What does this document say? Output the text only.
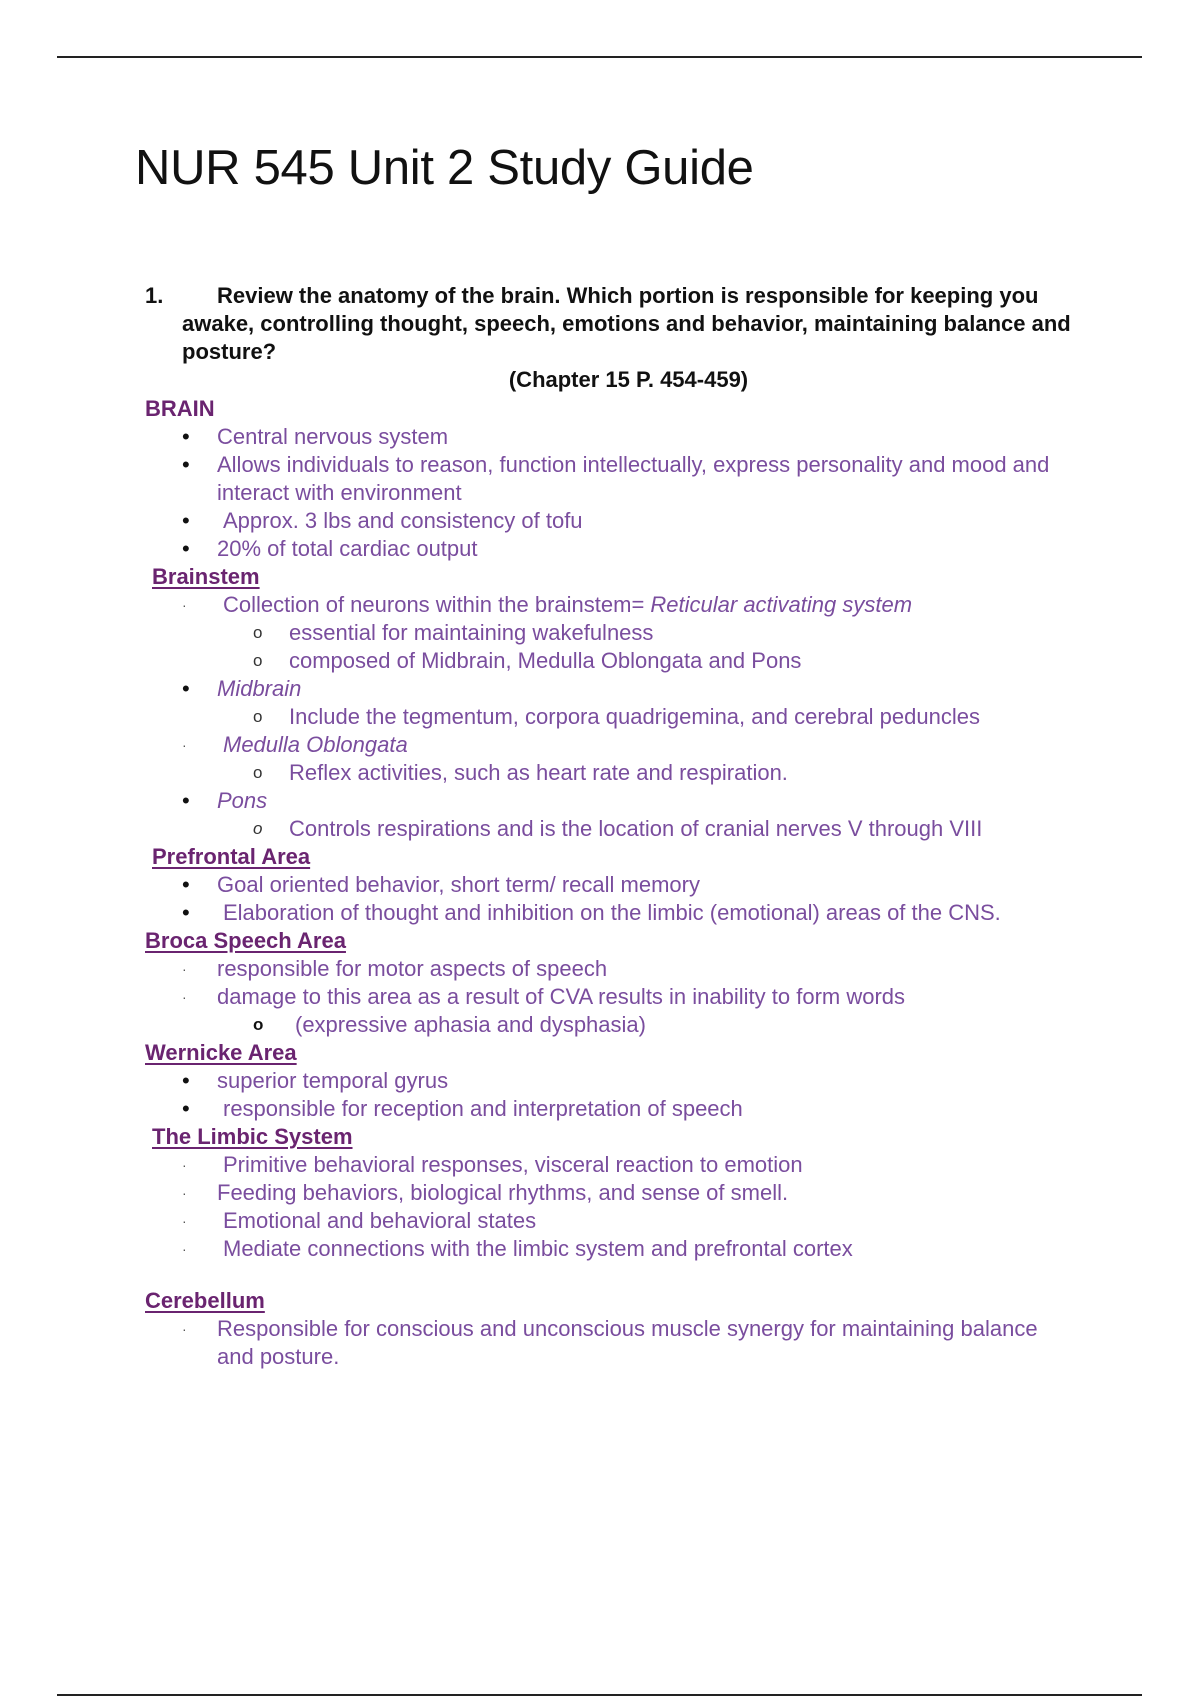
NUR 545 Unit 2 Study Guide
1.	Review the anatomy of the brain. Which portion is responsible for keeping you awake, controlling thought, speech, emotions and behavior, maintaining balance and posture?
(Chapter 15 P. 454-459)
BRAIN
• Central nervous system
• Allows individuals to reason, function intellectually, express personality and mood and interact with environment
• Approx. 3 lbs and consistency of tofu
• 20% of total cardiac output
Brainstem
· Collection of neurons within the brainstem= Reticular activating system
o essential for maintaining wakefulness
o composed of Midbrain, Medulla Oblongata and Pons
• Midbrain
o Include the tegmentum, corpora quadrigemina, and cerebral peduncles
· Medulla Oblongata
o Reflex activities, such as heart rate and respiration.
• Pons
o Controls respirations and is the location of cranial nerves V through VIII
Prefrontal Area
• Goal oriented behavior, short term/ recall memory
• Elaboration of thought and inhibition on the limbic (emotional) areas of the CNS.
Broca Speech Area
· responsible for motor aspects of speech
· damage to this area as a result of CVA results in inability to form words
o (expressive aphasia and dysphasia)
Wernicke Area
• superior temporal gyrus
• responsible for reception and interpretation of speech
The Limbic System
· Primitive behavioral responses, visceral reaction to emotion
· Feeding behaviors, biological rhythms, and sense of smell.
· Emotional and behavioral states
· Mediate connections with the limbic system and prefrontal cortex
Cerebellum
· Responsible for conscious and unconscious muscle synergy for maintaining balance and posture.
